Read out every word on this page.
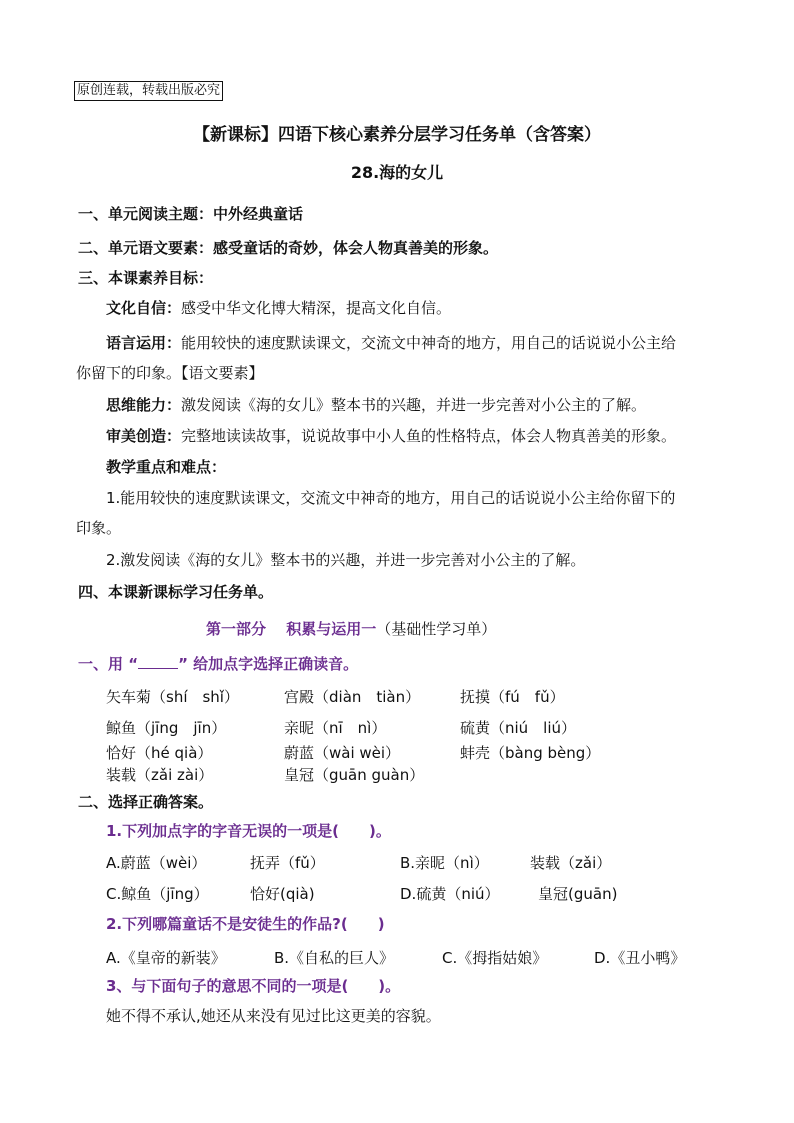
原创连载，转载出版必究
【新课标】四语下核心素养分层学习任务单（含答案）
28.海的女儿
一、单元阅读主题：中外经典童话
二、单元语文要素：感受童话的奇妙，体会人物真善美的形象。
三、本课素养目标：
文化自信：感受中华文化博大精深，提高文化自信。
语言运用：能用较快的速度默读课文，交流文中神奇的地方，用自己的话说说小公主给
你留下的印象。【语文要素】
思维能力：激发阅读《海的女儿》整本书的兴趣，并进一步完善对小公主的了解。
审美创造：完整地读读故事，说说故事中小人鱼的性格特点，体会人物真善美的形象。
教学重点和难点：
1.能用较快的速度默读课文，交流文中神奇的地方，用自己的话说说小公主给你留下的
印象。
2.激发阅读《海的女儿》整本书的兴趣，并进一步完善对小公主的了解。
四、本课新课标学习任务单。
第一部分　 积累与运用一（基础性学习单）
一、用 “	” 给加点字选择正确读音。
矢车菊（shí　shǐ）	宫殿（diàn　tiàn）	抚摸（fú　fǔ）
鲸鱼（jīng　jīn）	亲昵（nī　nì）	硫黄（niú　liú）
恰好（hé qià）	蔚蓝（wài wèi）	蚌壳（bàng bèng）
装载（zǎi zài）	皇冠（guān guàn）
二、选择正确答案。
1.下列加点字的字音无误的一项是(　　)。
A.蔚蓝（wèi）	抚弄（fǔ）	B.亲昵（nì）	装载（zǎi）
C.鲸鱼（jīng）	恰好(qià)	D.硫黄（niú）	皇冠(guān)
2.下列哪篇童话不是安徒生的作品?(　　)
A.《皇帝的新装》	B.《自私的巨人》	C.《拇指姑娘》	D.《丑小鸭》
3、与下面句子的意思不同的一项是(　　)。
她不得不承认,她还从来没有见过比这更美的容貌。
